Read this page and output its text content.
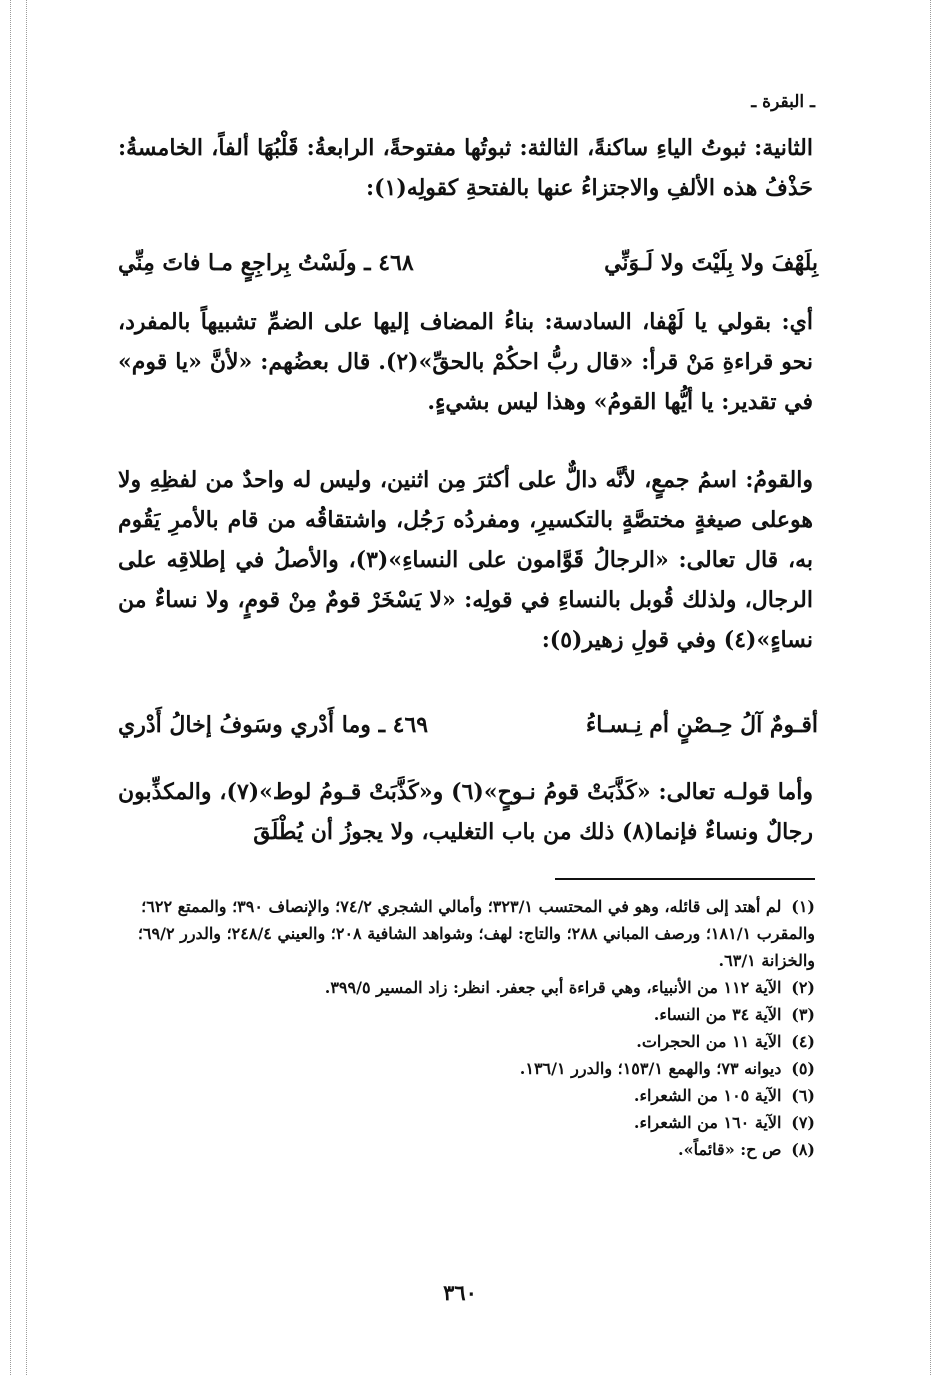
ـ البقرة ـ
الثانية: ثبوتُ الياءِ ساكنةً، الثالثة: ثبوتُها مفتوحةً، الرابعةُ: قَلْبُهَا ألفاً، الخامسةُ: حَذْفُ هذه الألفِ والاجتزاءُ عنها بالفتحةِ كقولِه(١):
٤٦٨ ـ ولَسْتُ بِراجِعٍ مـا فاتَ مِنِّي	بِلَهْفَ ولا بِلَيْتَ ولا لَـوَنِّي
أي: بقولي يا لَهْفا، السادسة: بناءُ المضاف إليها على الضمِّ تشبيهاً بالمفرد، نحو قراءةِ مَنْ قرأ: «قال ربُّ احكُمْ بالحقِّ»(٢). قال بعضُهم: «لأنَّ «يا قوم» في تقدير: يا أيُّها القومُ» وهذا ليس بشيءٍ.
والقومُ: اسمُ جمعٍ، لأنَّه دالٌّ على أكثرَ مِن اثنين، وليس له واحدٌ من لفظِهِ ولا هوعلى صيغةٍ مختصَّةٍ بالتكسيرِ، ومفردُه رَجُل، واشتقاقُه من قام بالأمرِ يَقُوم به، قال تعالى: «الرجالُ قَوَّامون على النساءِ»(٣)، والأصلُ في إطلاقِه على الرجال، ولذلك قُوبل بالنساءِ في قولِه: «لا يَسْخَرْ قومٌ مِنْ قومٍ، ولا نساءٌ من نساءٍ»(٤) وفي قولِ زهير(٥):
٤٦٩ ـ وما أَدْري وسَوفُ إخالُ أَدْري	أقـومٌ آلُ حِـصْنٍ أم نِـسـاءُ
وأما قولـه تعالى: «كَذَّبَتْ قومُ نـوحٍ»(٦) و«كَذَّبَتْ قـومُ لوط»(٧)، والمكذِّبون رجالٌ ونساءٌ فإنما(٨) ذلك من باب التغليب، ولا يجوزُ أن يُطْلَقَ

(١) لم أهتد إلى قائله، وهو في المحتسب ٣٢٣/١؛ وأمالي الشجري ٧٤/٢؛ والإنصاف ٣٩٠؛ والممتع ٦٢٢؛ والمقرب ١٨١/١؛ ورصف المباني ٢٨٨؛ والتاج: لهف؛ وشواهد الشافية ٢٠٨؛ والعيني ٢٤٨/٤؛ والدرر ٦٩/٢؛ والخزانة ٦٣/١.

(٢) الآية ١١٢ من الأنبياء، وهي قراءة أبي جعفر. انظر: زاد المسير ٣٩٩/٥.

(٣) الآية ٣٤ من النساء.

(٤) الآية ١١ من الحجرات.

(٥) ديوانه ٧٣؛ والهمع ١٥٣/١؛ والدرر ١٣٦/١.

(٦) الآية ١٠٥ من الشعراء.

(٧) الآية ١٦٠ من الشعراء.

(٨) ص ح: «قائماً».

٣٦٠
